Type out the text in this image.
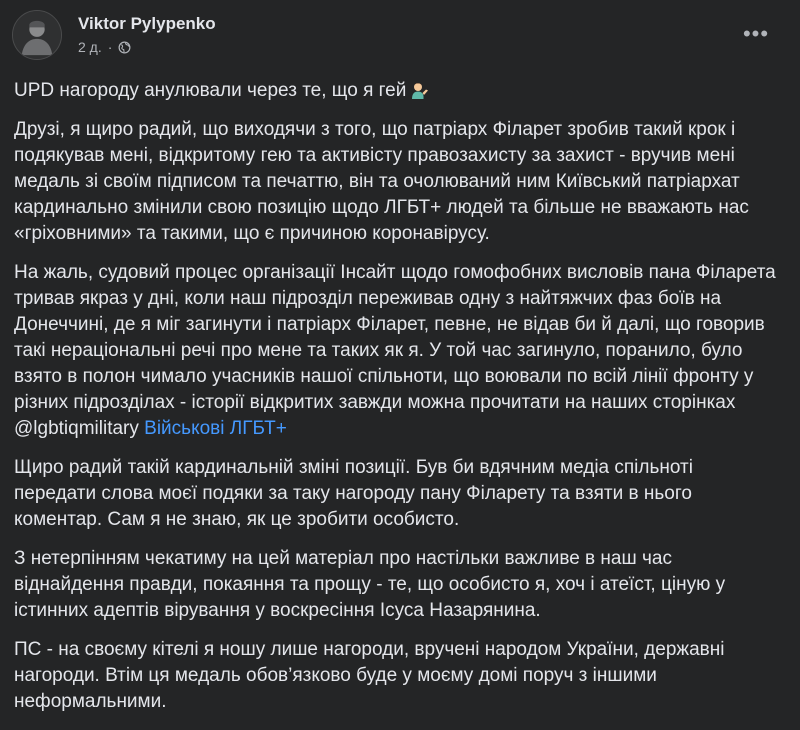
Viktor Pylypenko
2 д. ·
•••

UPD нагороду анулювали через те, що я гей

Друзі, я щиро радий, що виходячи з того, що патріарх Філарет зробив такий крок і подякував мені, відкритому гею та активісту правозахисту за захист - вручив мені медаль зі своїм підписом та печаттю, він та очолюваний ним Київський патріархат кардинально змінили свою позицію щодо ЛГБТ+ людей та більше не вважають нас «гріховними» та такими, що є причиною коронавірусу.

На жаль, судовий процес організації Інсайт щодо гомофобних висловів пана Філарета тривав якраз у дні, коли наш підрозділ переживав одну з найтяжчих фаз боїв на Донеччині, де я міг загинути і патріарх Філарет, певне, не відав би й далі, що говорив такі нераціональні речі про мене та таких як я. У той час загинуло, поранило, було взято в полон чимало учасників нашої спільноти, що воювали по всій лінії фронту у різних підрозділах - історії відкритих завжди можна прочитати на наших сторінках @lgbtiqmilitary Військові ЛГБТ+

Щиро радий такій кардинальній зміні позиції. Був би вдячним медіа спільноті передати слова моєї подяки за таку нагороду пану Філарету та взяти в нього коментар. Сам я не знаю, як це зробити особисто.

З нетерпінням чекатиму на цей матеріал про настільки важливе в наш час віднайдення правди, покаяння та прощу - те, що особисто я, хоч і атеїст, ціную у істинних адептів вірування у воскресіння Ісуса Назарянина.

ПС - на своєму кітелі я ношу лише нагороди, вручені народом України, державні нагороди. Втім ця медаль обов’язково буде у моєму домі поруч з іншими неформальними.
